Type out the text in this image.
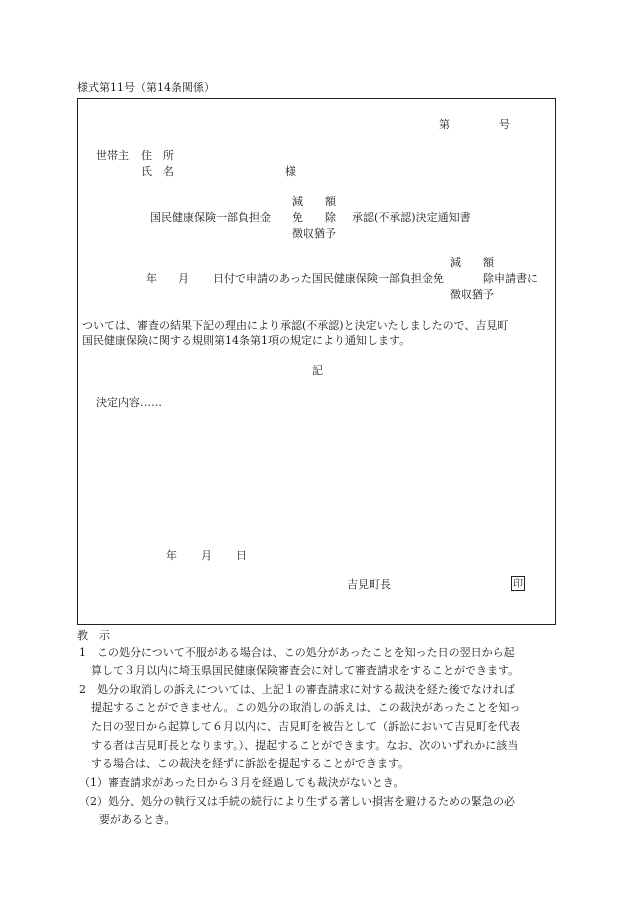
様式第11号（第14条関係）
第	号
世帯主 住　所
氏　名	様
減　　額
国民健康保険一部負担金 免　　除 承認(不承認)決定通知書
徴収猶予
減　　額
年 月 日付で申請のあった国民健康保険一部負担金免	除申請書に
徴収猶予
ついては、審査の結果下記の理由により承認(不承認)と決定いたしましたので、吉見町
国民健康保険に関する規則第14条第1項の規定により通知します。
記
決定内容……
年 月 日
吉見町長	印
教　示
1　この処分について不服がある場合は、この処分があったことを知った日の翌日から起
算して３月以内に埼玉県国民健康保険審査会に対して審査請求をすることができます。
2　処分の取消しの訴えについては、上記１の審査請求に対する裁決を経た後でなければ
提起することができません。この処分の取消しの訴えは、この裁決があったことを知っ
た日の翌日から起算して６月以内に、吉見町を被告として（訴訟において吉見町を代表
する者は吉見町長となります。）、提起することができます。なお、次のいずれかに該当
する場合は、この裁決を経ずに訴訟を提起することができます。
（1）審査請求があった日から３月を経過しても裁決がないとき。
（2）処分、処分の執行又は手続の続行により生ずる著しい損害を避けるための緊急の必
要があるとき。
